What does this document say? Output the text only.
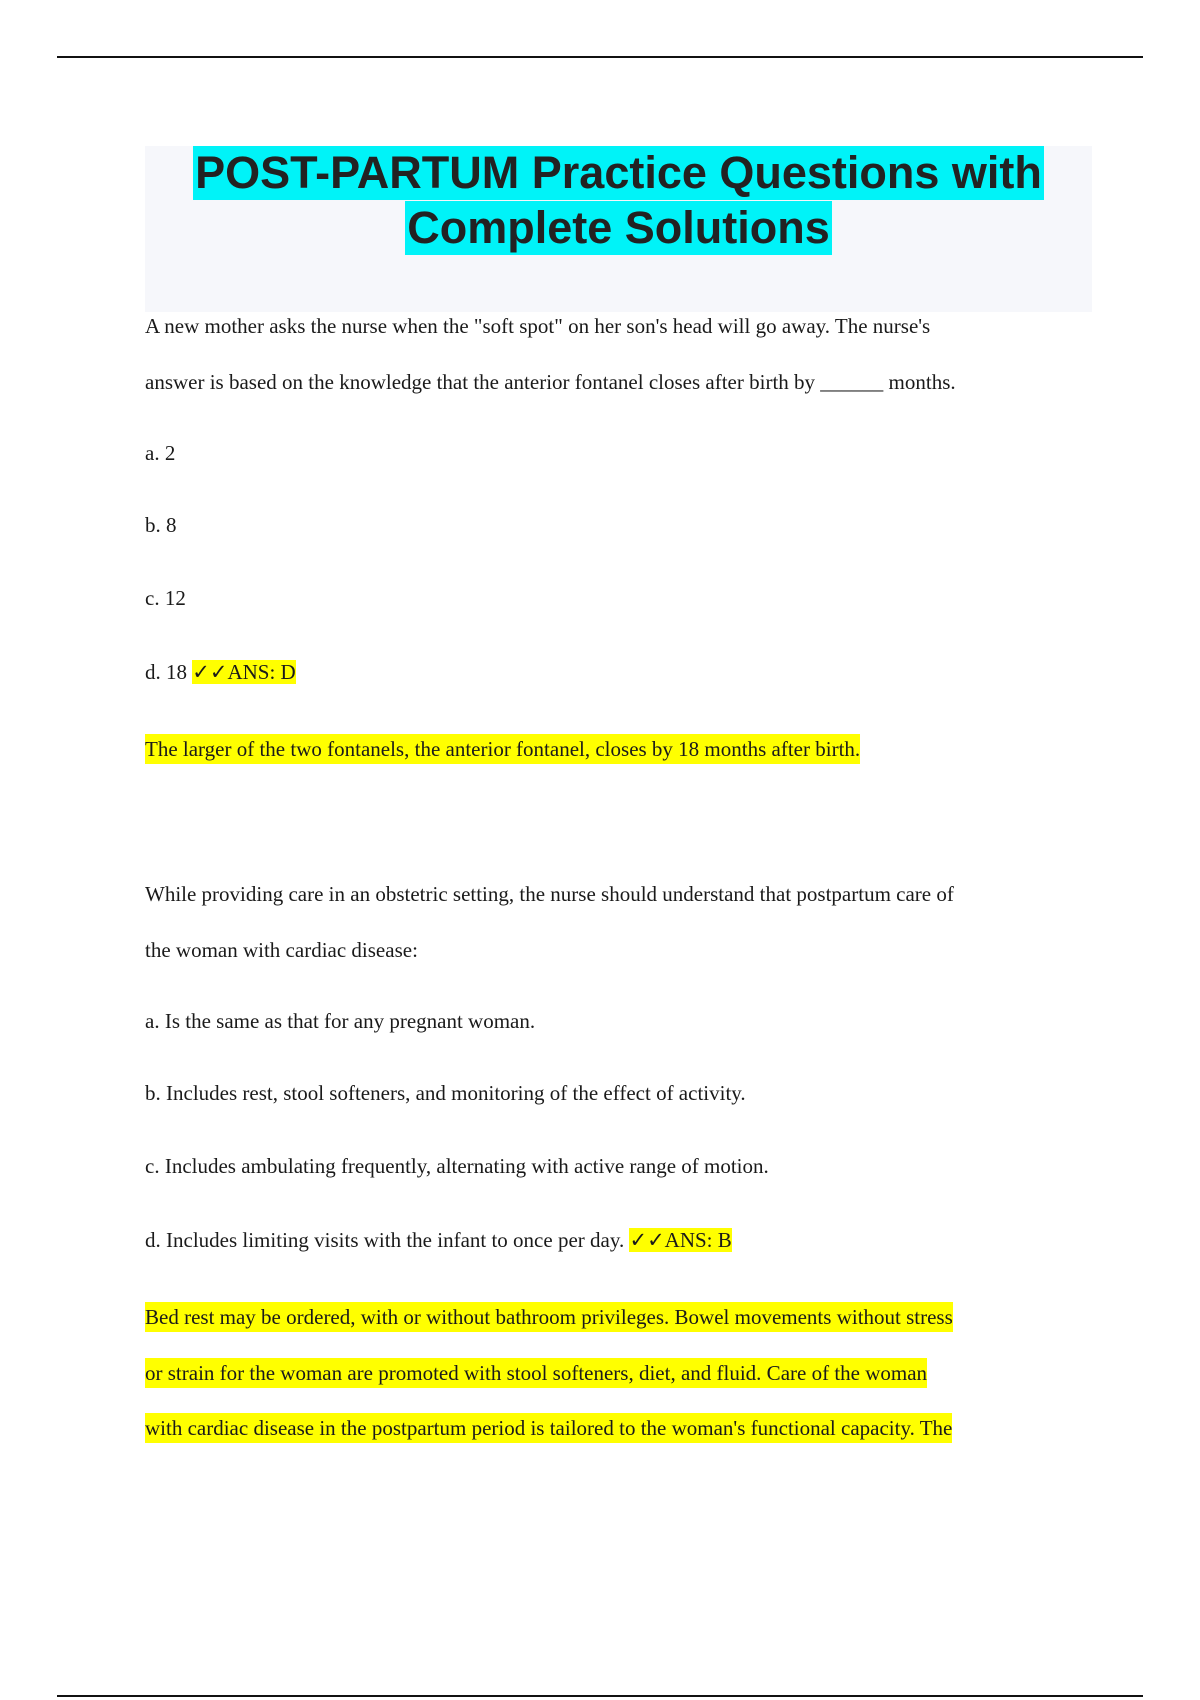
POST-PARTUM Practice Questions with
Complete Solutions
A new mother asks the nurse when the "soft spot" on her son's head will go away. The nurse's
answer is based on the knowledge that the anterior fontanel closes after birth by ______ months.
a. 2
b. 8
c. 12
d. 18 ✓✓ANS: D
The larger of the two fontanels, the anterior fontanel, closes by 18 months after birth.
While providing care in an obstetric setting, the nurse should understand that postpartum care of
the woman with cardiac disease:
a. Is the same as that for any pregnant woman.
b. Includes rest, stool softeners, and monitoring of the effect of activity.
c. Includes ambulating frequently, alternating with active range of motion.
d. Includes limiting visits with the infant to once per day. ✓✓ANS: B
Bed rest may be ordered, with or without bathroom privileges. Bowel movements without stress
or strain for the woman are promoted with stool softeners, diet, and fluid. Care of the woman
with cardiac disease in the postpartum period is tailored to the woman's functional capacity. The
